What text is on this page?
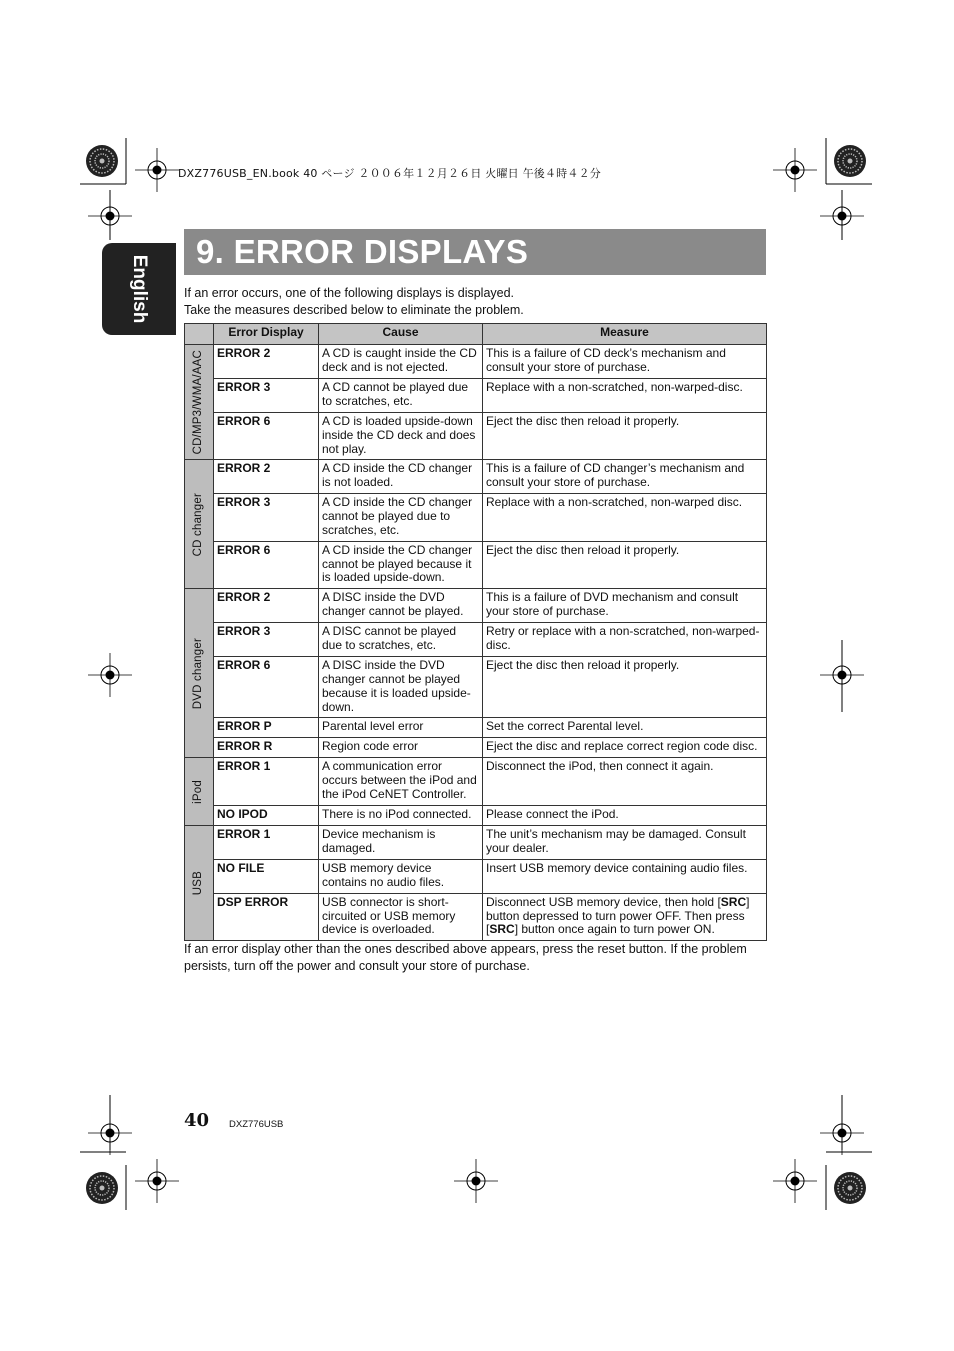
DXZ776USB_EN.book 40 ページ ２００６年１２月２６日 火曜日 午後４時４２分
English
9. ERROR DISPLAYS
If an error occurs, one of the following displays is displayed.
Take the measures described below to eliminate the problem.
	Error Display	Cause	Measure

CD/MP3/WMA/AAC	ERROR 2	A CD is caught inside the CD deck and is not ejected.	This is a failure of CD deck’s mechanism and consult your store of purchase.
	ERROR 3	A CD cannot be played due to scratches, etc.	Replace with a non-scratched, non-warped-disc.
	ERROR 6	A CD is loaded upside-down inside the CD deck and does not play.	Eject the disc then reload it properly.

CD changer	ERROR 2	A CD inside the CD changer is not loaded.	This is a failure of CD changer’s mechanism and consult your store of purchase.
	ERROR 3	A CD inside the CD changer cannot be played due to scratches, etc.	Replace with a non-scratched, non-warped disc.
	ERROR 6	A CD inside the CD changer cannot be played because it is loaded upside-down.	Eject the disc then reload it properly.

DVD changer	ERROR 2	A DISC inside the DVD changer cannot be played.	This is a failure of DVD mechanism and consult your store of purchase.
	ERROR 3	A DISC cannot be played due to scratches, etc.	Retry or replace with a non-scratched, non-warped-disc.
	ERROR 6	A DISC inside the DVD changer cannot be played because it is loaded upside-down.	Eject the disc then reload it properly.
	ERROR P	Parental level error	Set the correct Parental level.
	ERROR R	Region code error	Eject the disc and replace correct region code disc.

iPod	ERROR 1	A communication error occurs between the iPod and the iPod CeNET Controller.	Disconnect the iPod, then connect it again.
	NO IPOD	There is no iPod connected.	Please connect the iPod.

USB	ERROR 1	Device mechanism is damaged.	The unit’s mechanism may be damaged. Consult your dealer.
	NO FILE	USB memory device contains no audio files.	Insert USB memory device containing audio files.
	DSP ERROR	USB connector is short-circuited or USB memory device is overloaded.	Disconnect USB memory device, then hold [SRC] button depressed to turn power OFF. Then press [SRC] button once again to turn power ON.
If an error display other than the ones described above appears, press the reset button. If the problem persists, turn off the power and consult your store of purchase.
40 DXZ776USB
